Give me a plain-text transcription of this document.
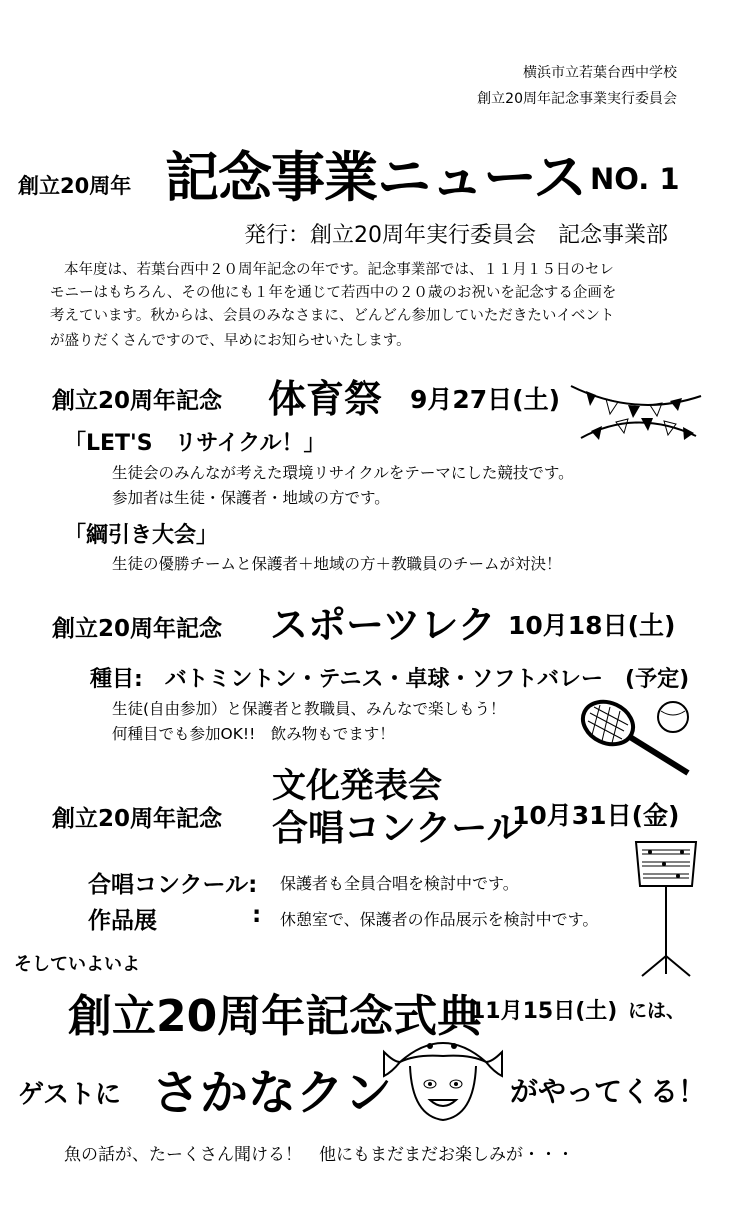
横浜市立若葉台西中学校
創立20周年記念事業実行委員会
創立20周年 記念事業ニュース NO. 1
発行：創立20周年実行委員会　記念事業部
本年度は、若葉台西中２０周年記念の年です。記念事業部では、１１月１５日のセレ
モニーはもちろん、その他にも１年を通じて若西中の２０歳のお祝いを記念する企画を
考えています。秋からは、会員のみなさまに、どんどん参加していただきたいイベント
が盛りだくさんですので、早めにお知らせいたします。
創立20周年記念 体育祭 9月27日(土)
「LET'S　リサイクル！」
生徒会のみんなが考えた環境リサイクルをテーマにした競技です。
参加者は生徒・保護者・地域の方です。
「綱引き大会」
生徒の優勝チームと保護者＋地域の方＋教職員のチームが対決！
創立20周年記念 スポーツレク 10月18日(土)
種目:　バトミントン・テニス・卓球・ソフトバレー　(予定)
生徒(自由参加）と保護者と教職員、みんなで楽しもう！
何種目でも参加OK!!　飲み物もでます！
創立20周年記念
文化発表会
合唱コンクール
10月31日(金)
合唱コンクール: 保護者も全員合唱を検討中です。
作品展	: 休憩室で、保護者の作品展示を検討中です。
そしていよいよ
創立20周年記念式典
11月15日(土) には、
ゲストに さかなクン	がやってくる！
魚の話が、たーくさん聞ける！　他にもまだまだお楽しみが・・・
